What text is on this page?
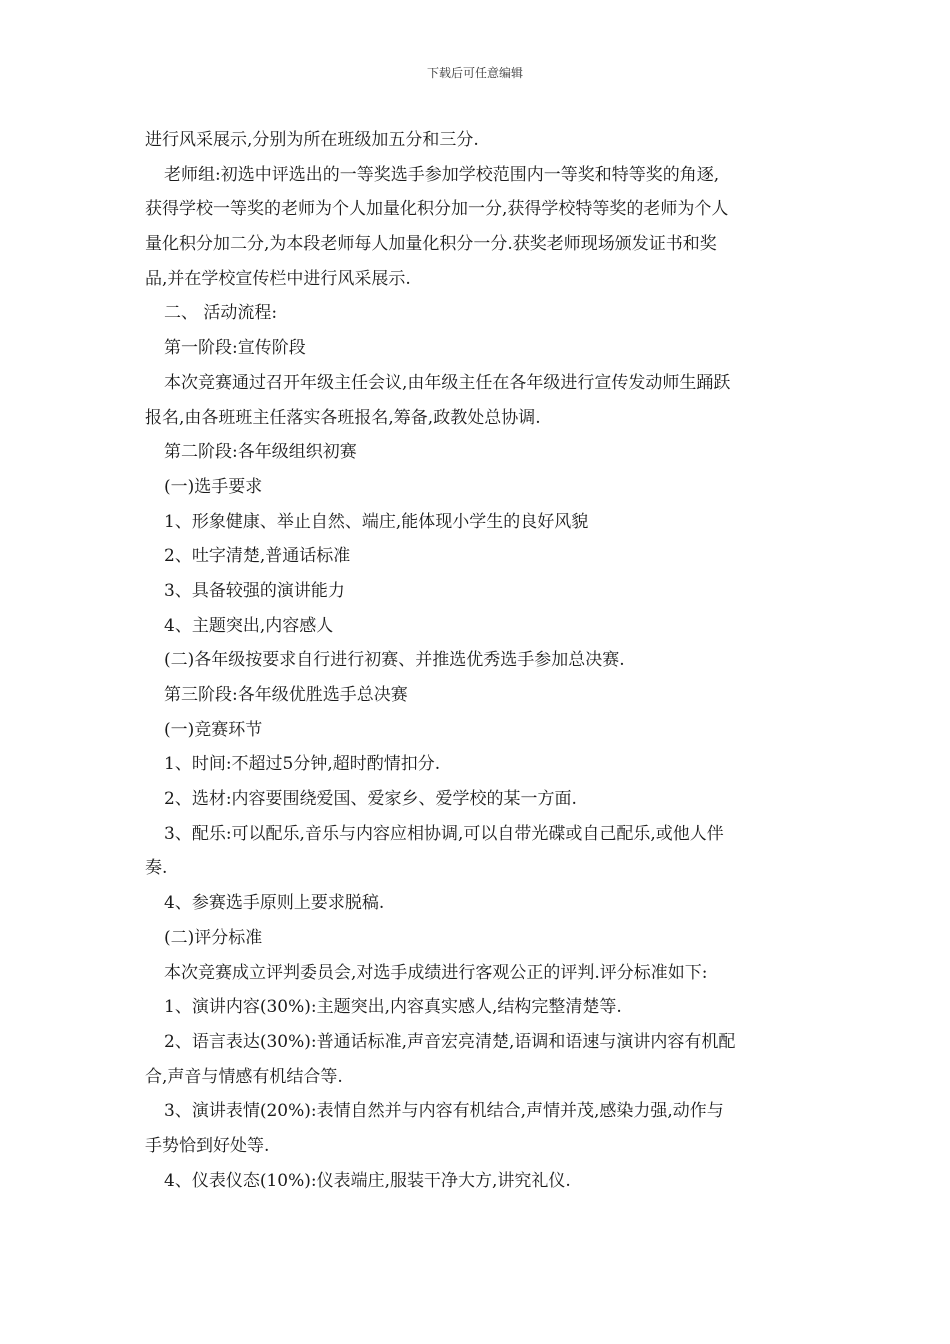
下载后可任意编辑
进行风采展示,分别为所在班级加五分和三分.
老师组:初选中评选出的一等奖选手参加学校范围内一等奖和特等奖的角逐,
获得学校一等奖的老师为个人加量化积分加一分,获得学校特等奖的老师为个人
量化积分加二分,为本段老师每人加量化积分一分.获奖老师现场颁发证书和奖
品,并在学校宣传栏中进行风采展示.
二、 活动流程:
第一阶段:宣传阶段
本次竞赛通过召开年级主任会议,由年级主任在各年级进行宣传发动师生踊跃
报名,由各班班主任落实各班报名,筹备,政教处总协调.
第二阶段:各年级组织初赛
(一)选手要求
1、形象健康、举止自然、端庄,能体现小学生的良好风貌
2、吐字清楚,普通话标准
3、具备较强的演讲能力
4、主题突出,内容感人
(二)各年级按要求自行进行初赛、并推选优秀选手参加总决赛.
第三阶段:各年级优胜选手总决赛
(一)竞赛环节
1、时间:不超过5分钟,超时酌情扣分.
2、选材:内容要围绕爱国、爱家乡、爱学校的某一方面.
3、配乐:可以配乐,音乐与内容应相协调,可以自带光碟或自己配乐,或他人伴
奏.
4、参赛选手原则上要求脱稿.
(二)评分标准
本次竞赛成立评判委员会,对选手成绩进行客观公正的评判.评分标准如下:
1、演讲内容(30%):主题突出,内容真实感人,结构完整清楚等.
2、语言表达(30%):普通话标准,声音宏亮清楚,语调和语速与演讲内容有机配
合,声音与情感有机结合等.
3、演讲表情(20%):表情自然并与内容有机结合,声情并茂,感染力强,动作与
手势恰到好处等.
4、仪表仪态(10%):仪表端庄,服装干净大方,讲究礼仪.
